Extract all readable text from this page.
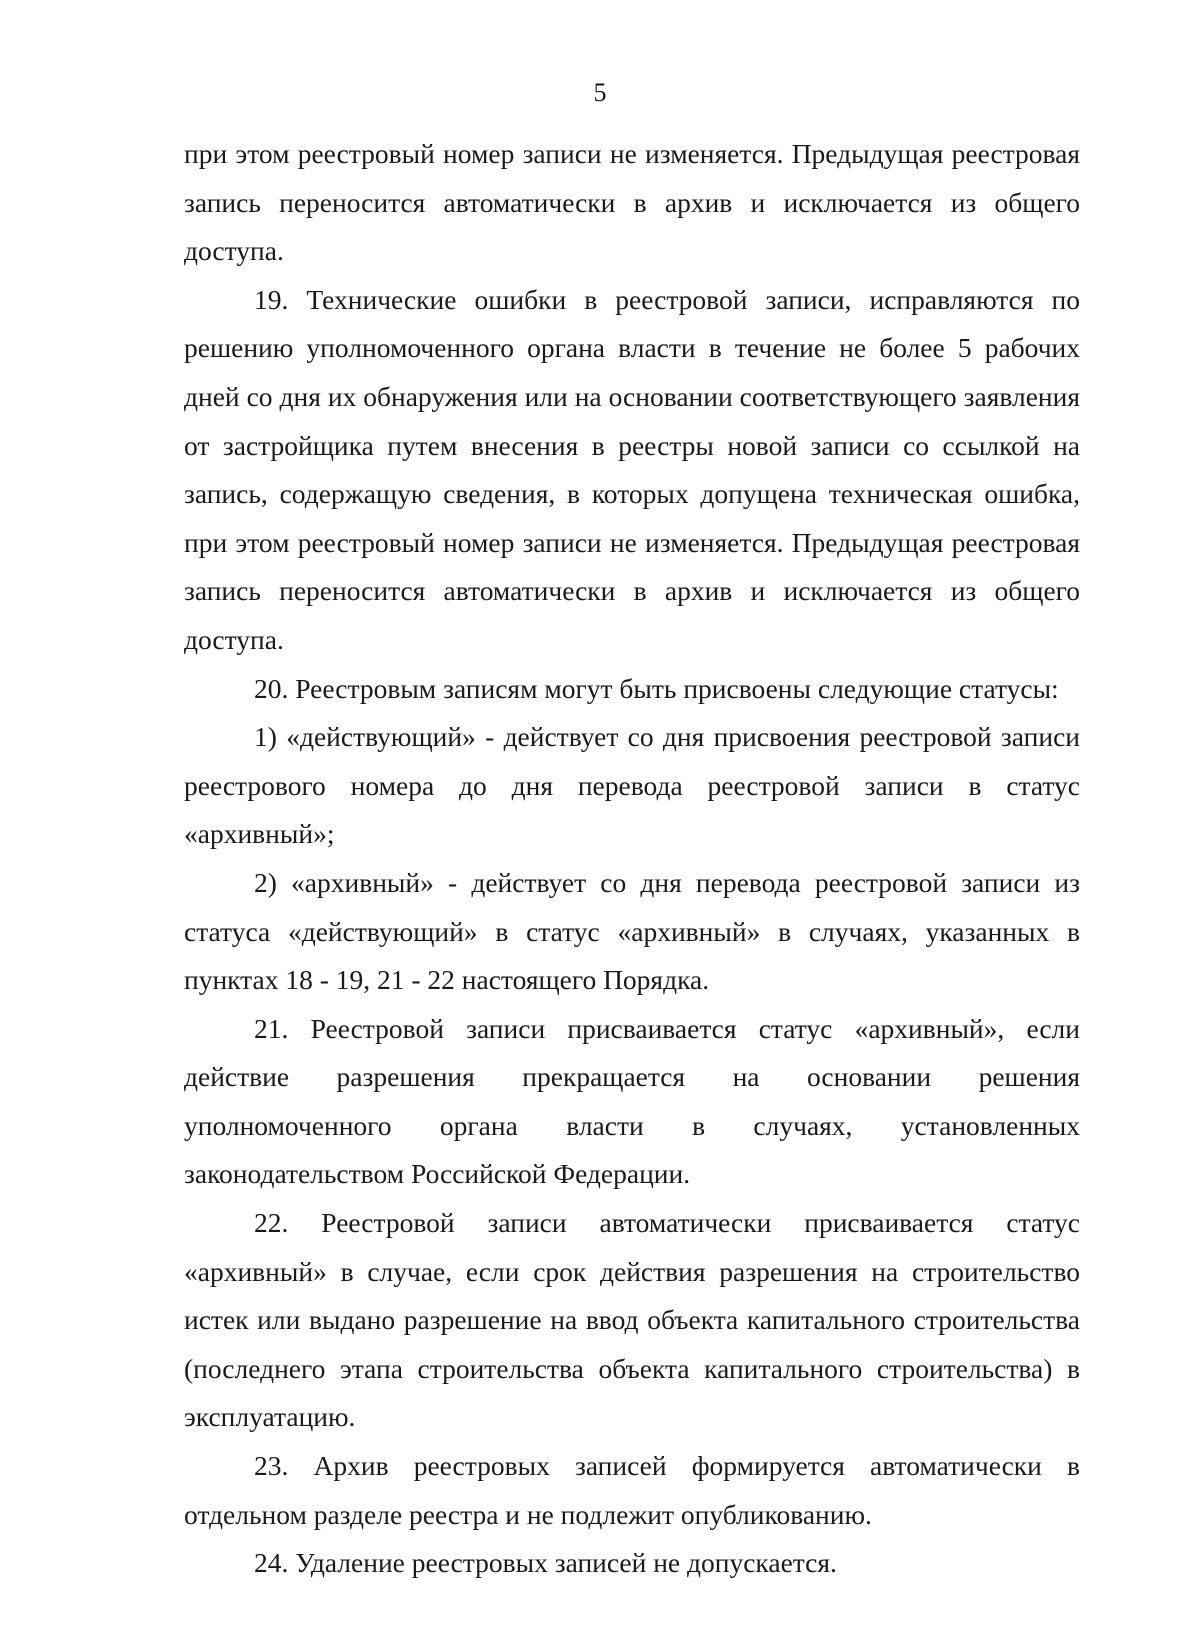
5

при этом реестровый номер записи не изменяется. Предыдущая реестровая запись переносится автоматически в архив и исключается из общего доступа.

19. Технические ошибки в реестровой записи, исправляются по решению уполномоченного органа власти в течение не более 5 рабочих дней со дня их обнаружения или на основании соответствующего заявления от застройщика путем внесения в реестры новой записи со ссылкой на запись, содержащую сведения, в которых допущена техническая ошибка, при этом реестровый номер записи не изменяется. Предыдущая реестровая запись переносится автоматически в архив и исключается из общего доступа.

20. Реестровым записям могут быть присвоены следующие статусы:

1) «действующий» - действует со дня присвоения реестровой записи реестрового номера до дня перевода реестровой записи в статус «архивный»;

2) «архивный» - действует со дня перевода реестровой записи из статуса «действующий» в статус «архивный» в случаях, указанных в пунктах 18 - 19, 21 - 22 настоящего Порядка.

21. Реестровой записи присваивается статус «архивный», если действие разрешения прекращается на основании решения уполномоченного органа власти в случаях, установленных законодательством Российской Федерации.

22. Реестровой записи автоматически присваивается статус «архивный» в случае, если срок действия разрешения на строительство истек или выдано разрешение на ввод объекта капитального строительства (последнего этапа строительства объекта капитального строительства) в эксплуатацию.

23. Архив реестровых записей формируется автоматически в отдельном разделе реестра и не подлежит опубликованию.

24. Удаление реестровых записей не допускается.
